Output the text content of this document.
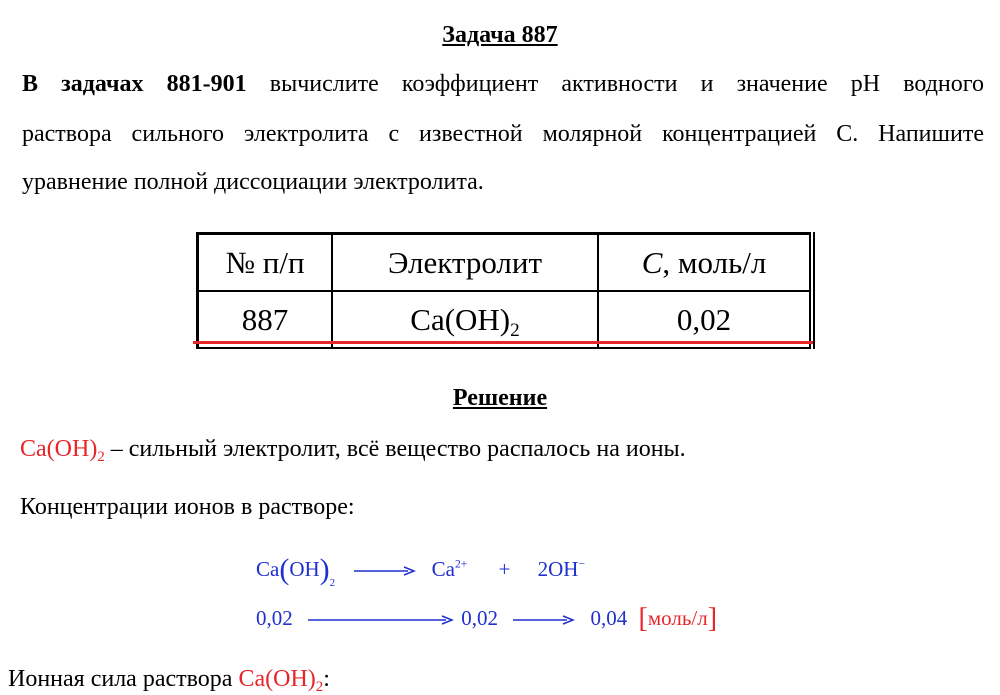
Задача 887
В задачах 881-901 вычислите коэффициент активности и значение pH водного
раствора сильного электролита с известной молярной концентрацией С. Напишите
уравнение полной диссоциации электролита.
№ п/п	Электролит	C, моль/л
887	$Ca(OH)_2$	0,02
Решение
$Ca(OH)_2$ – сильный электролит, всё вещество распалось на ионы.
Концентрации ионов в растворе:
$Ca(OH)_2 \to Ca^{2+} + 2OH^-$
0,02	0,02	0,04 [моль/л]
Ионная сила раствора $Ca(OH)_2$:
